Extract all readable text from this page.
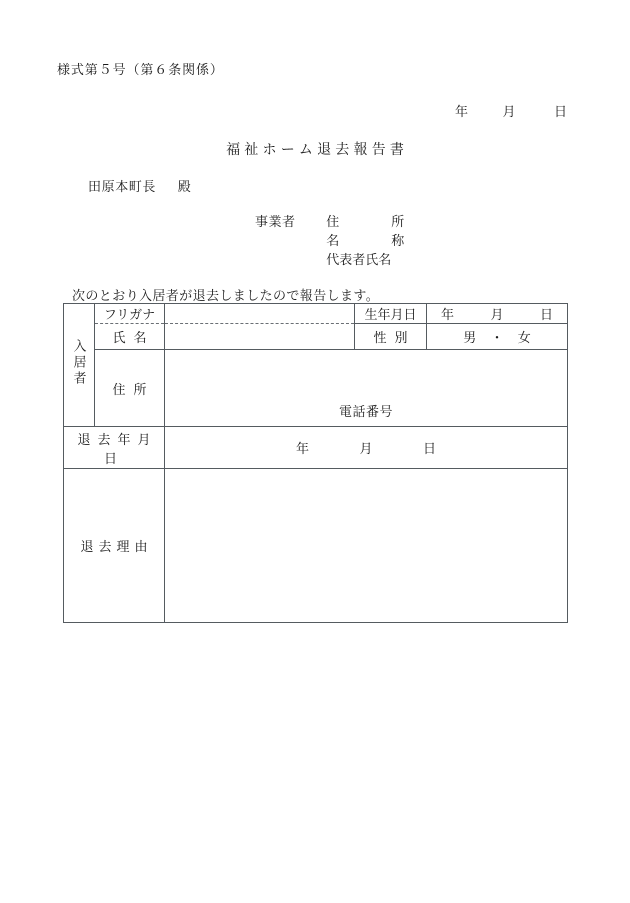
様式第５号（第６条関係）
年	月	日
福祉ホーム退去報告書
田原本町長 殿
事業者 住	所

名	称
代表者氏名
次のとおり入居者が退去しましたので報告します。
入居者	フリガナ		生年月日	年 月 日
	氏名		性別	男 ・ 女
	住所	電話番号		

退去年月日		年 月 日		
退去理由				
